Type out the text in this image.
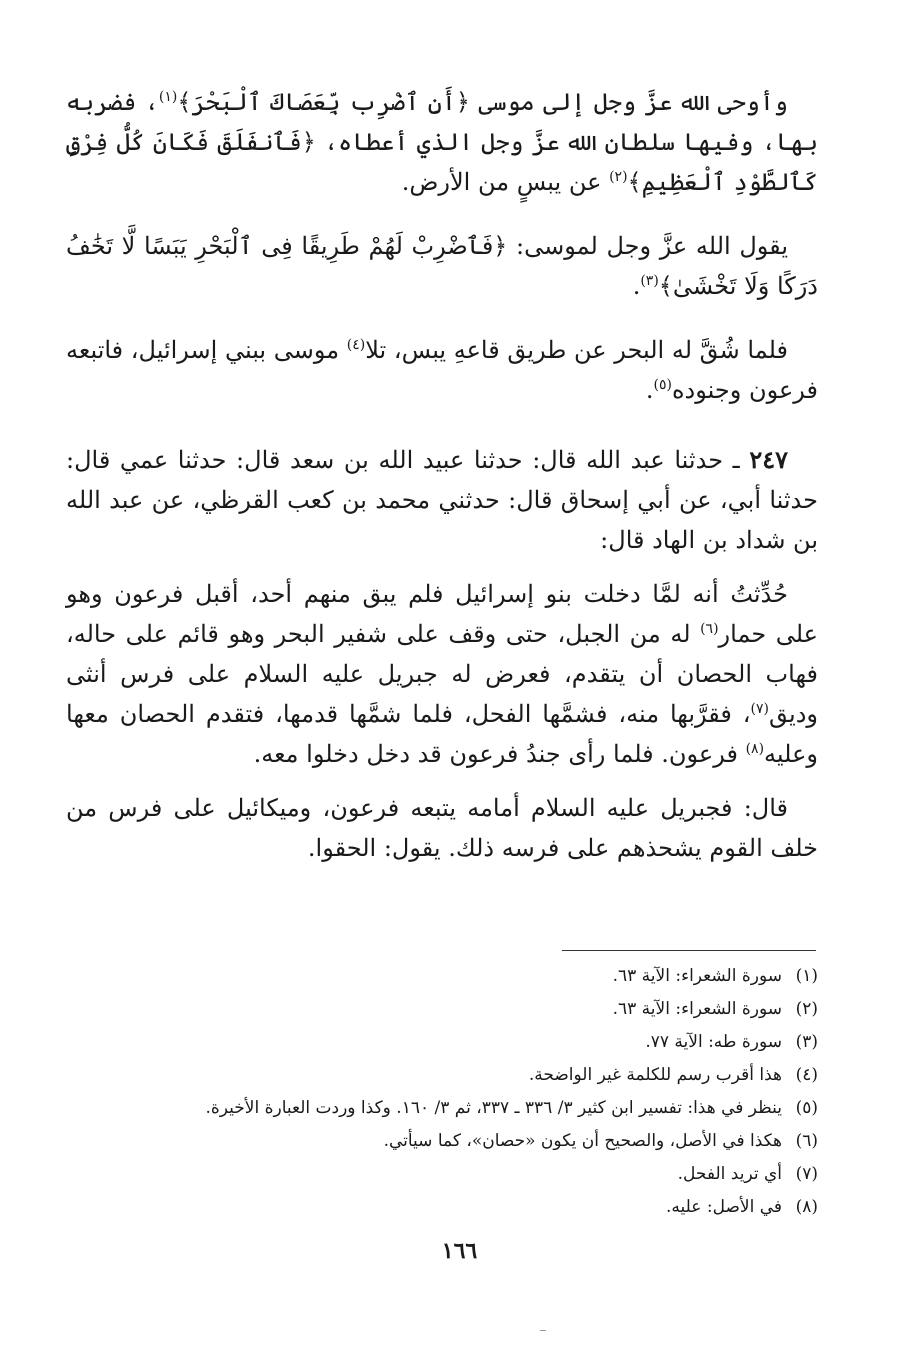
وأوحى الله عزَّ وجل إلى موسى ﴿أَنِ ٱضْرِب بِّعَصَاكَ ٱلْبَحْرَ﴾$^{(١)}$، فضربه بها، وفيها سلطان الله عزَّ وجل الذي أعطاه، ﴿فَٱنفَلَقَ فَكَانَ كُلُّ فِرْقٍ كَٱلطَّوْدِ ٱلْعَظِيمِ﴾$^{(٢)}$ عن يبسٍ من الأرض.

يقول الله عزَّ وجل لموسى: ﴿فَٱضْرِبْ لَهُمْ طَرِيقًا فِى ٱلْبَحْرِ يَبَسًا لَّا تَخَٰفُ دَرَكًا وَلَا تَخْشَىٰ﴾$^{(٣)}$.

فلما شُقَّ له البحر عن طريق قاعهِ يبس، تلا$^{(٤)}$ موسى ببني إسرائيل، فاتبعه فرعون وجنوده$^{(٥)}$.

٢٤٧ ـ حدثنا عبد الله قال: حدثنا عبيد الله بن سعد قال: حدثنا عمي قال: حدثنا أبي، عن أبي إسحاق قال: حدثني محمد بن كعب القرظي، عن عبد الله بن شداد بن الهاد قال:

حُدِّثتُ أنه لمَّا دخلت بنو إسرائيل فلم يبق منهم أحد، أقبل فرعون وهو على حمار$^{(٦)}$ له من الجبل، حتى وقف على شفير البحر وهو قائم على حاله، فهاب الحصان أن يتقدم، فعرض له جبريل عليه السلام على فرس أنثى وديق$^{(٧)}$، فقرَّبها منه، فشمَّها الفحل، فلما شمَّها قدمها، فتقدم الحصان معها وعليه$^{(٨)}$ فرعون. فلما رأى جندُ فرعون قد دخل دخلوا معه.

قال: فجبريل عليه السلام أمامه يتبعه فرعون، وميكائيل على فرس من خلف القوم يشحذهم على فرسه ذلك. يقول: الحقوا.

(١)سورة الشعراء: الآية ٦٣.
(٢)سورة الشعراء: الآية ٦٣.
(٣)سورة طه: الآية ٧٧.
(٤)هذا أقرب رسم للكلمة غير الواضحة.
(٥)ينظر في هذا: تفسير ابن كثير ٣/ ٣٣٦ ـ ٣٣٧، ثم ٣/ ١٦٠. وكذا وردت العبارة الأخيرة.
(٦)هكذا في الأصل، والصحيح أن يكون «حصان»، كما سيأتي.
(٧)أي تريد الفحل.
(٨)في الأصل: عليه.
١٦٦
